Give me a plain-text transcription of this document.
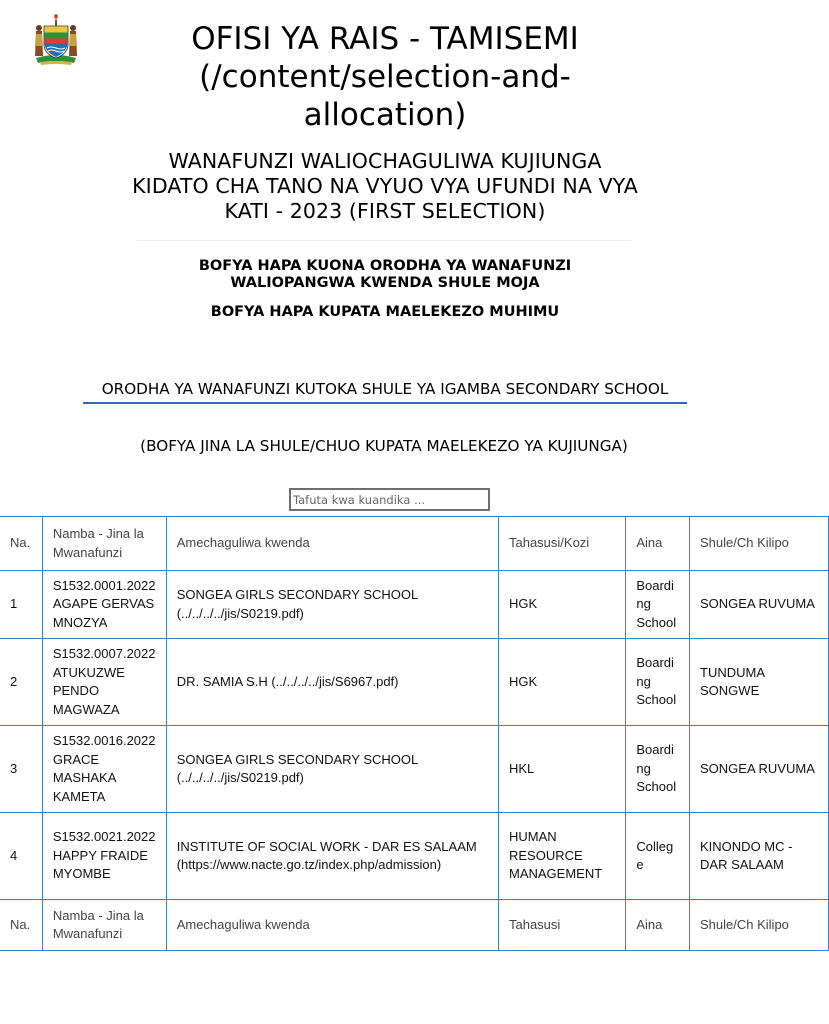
OFISI YA RAIS - TAMISEMI (/content/selection-and-allocation)
WANAFUNZI WALIOCHAGULIWA KUJIUNGA KIDATO CHA TANO NA VYUO VYA UFUNDI NA VYA KATI - 2023 (FIRST SELECTION)
BOFYA HAPA KUONA ORODHA YA WANAFUNZI WALIOPANGWA KWENDA SHULE MOJA
BOFYA HAPA KUPATA MAELEKEZO MUHIMU
ORODHA YA WANAFUNZI KUTOKA SHULE YA IGAMBA SECONDARY SCHOOL
(BOFYA JINA LA SHULE/CHUO KUPATA MAELEKEZO YA KUJIUNGA)
Tafuta kwa kuandika ...
Na.	Namba - Jina la Mwanafunzi	Amechaguliwa kwenda	Tahasusi/Kozi	Aina	Shule/Ch Kilipo
1	S1532.0001.2022 AGAPE GERVAS MNOZYA	SONGEA GIRLS SECONDARY SCHOOL (../../../../jis/S0219.pdf)	HGK	Boarding School	SONGEA RUVUMA
2	S1532.0007.2022 ATUKUZWE PENDO MAGWAZA	DR. SAMIA S.H (../../../../jis/S6967.pdf)	HGK	Boarding School	TUNDUMA SONGWE
3	S1532.0016.2022 GRACE MASHAKA KAMETA	SONGEA GIRLS SECONDARY SCHOOL (../../../../jis/S0219.pdf)	HKL	Boarding School	SONGEA RUVUMA
4	S1532.0021.2022 HAPPY FRAIDE MYOMBE	INSTITUTE OF SOCIAL WORK - DAR ES SALAAM (https://www.nacte.go.tz/index.php/admission)	HUMAN RESOURCE MANAGEMENT	College	KINONDO MC - DAR SALAAM
Na.	Namba - Jina la Mwanafunzi	Amechaguliwa kwenda	Tahasusi	Aina	Shule/Ch Kilipo
